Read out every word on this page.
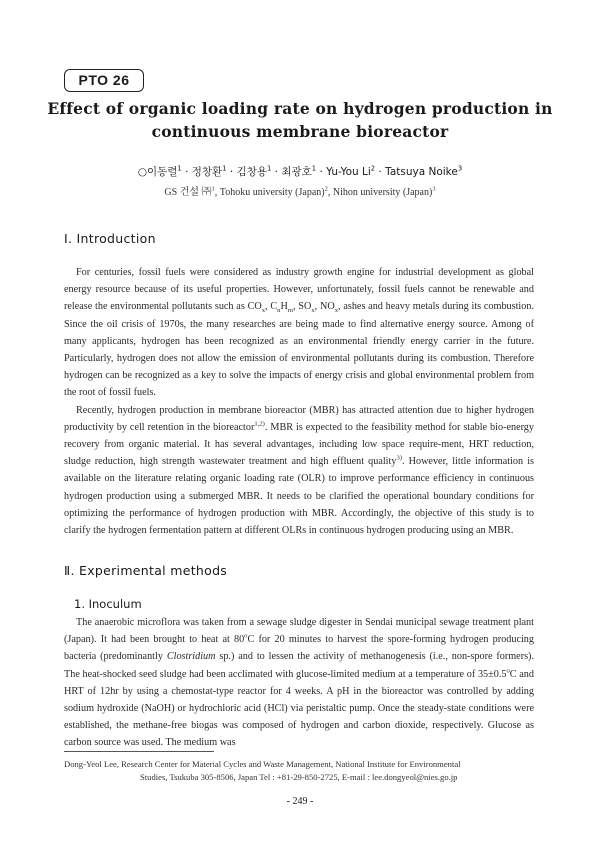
PTO 26
Effect of organic loading rate on hydrogen production in
continuous membrane bioreactor
○이동렬$^1$ · 정창환$^1$ · 김창용$^1$ · 최광호$^1$ · Yu-You $Li^2$ · Tatsuya Noike$^3$
GS 건설 ㈜$^1$, Tohoku university (Japan)$^2$, Nihon university (Japan)$^3$
Ⅰ. Introduction

For centuries, fossil fuels were considered as industry growth engine for industrial development as global energy resource because of its useful properties. However, unfortunately, fossil fuels cannot be renewable and release the environmental pollutants such as $CO_x$, $C_nH_m$, $SO_x$, $NO_x$, ashes and heavy metals during its combustion. Since the oil crisis of 1970s, the many researches are being made to find alternative energy source. Among of many applicants, hydrogen has been recognized as an environmental friendly energy carrier in the future. Particularly, hydrogen does not allow the emission of environmental pollutants during its combustion. Therefore hydrogen can be recognized as a key to solve the impacts of energy crisis and global environmental problem from the root of fossil fuels.

Recently, hydrogen production in membrane bioreactor (MBR) has attracted attention due to higher hydrogen productivity by cell retention in the bioreactor$^{1,2)}$. MBR is expected to the feasibility method for stable bio-energy recovery from organic material. It has several advantages, including low space require-ment, HRT reduction, sludge reduction, high strength wastewater treatment and high effluent quality$^{3)}$. However, little information is available on the literature relating organic loading rate (OLR) to improve performance efficiency in continuous hydrogen production using a submerged MBR. It needs to be clarified the operational boundary conditions for optimizing the performance of hydrogen production with MBR. Accordingly, the objective of this study is to clarify the hydrogen fermentation pattern at different OLRs in continuous hydrogen producing using an MBR.

Ⅱ. Experimental methods
1. Inoculum

The anaerobic microflora was taken from a sewage sludge digester in Sendai municipal sewage treatment plant (Japan). It had been brought to heat at 80$^o$C for 20 minutes to harvest the spore-forming hydrogen producing bacteria (predominantly Clostridium sp.) and to lessen the activity of methanogenesis (i.e., non-spore formers). The heat-shocked seed sludge had been acclimated with glucose-limited medium at a temperature of $35\pm 0.5^oC$ and HRT of 12hr by using a chemostat-type reactor for 4 weeks. A pH in the bioreactor was controlled by adding sodium hydroxide (NaOH) or hydrochloric acid (HCl) via peristaltic pump. Once the steady-state conditions were established, the methane-free biogas was composed of hydrogen and carbon dioxide, respectively. Glucose as carbon source was used. The medium was

Dong-Yeol Lee, Research Center for Material Cycles and Waste Management, National Institute for Environmental
Studies, Tsukuba 305-8506, Japan Tel : +81-29-850-2725, E-mail : lee.dongyeol@nies.go.jp
- 249 -
